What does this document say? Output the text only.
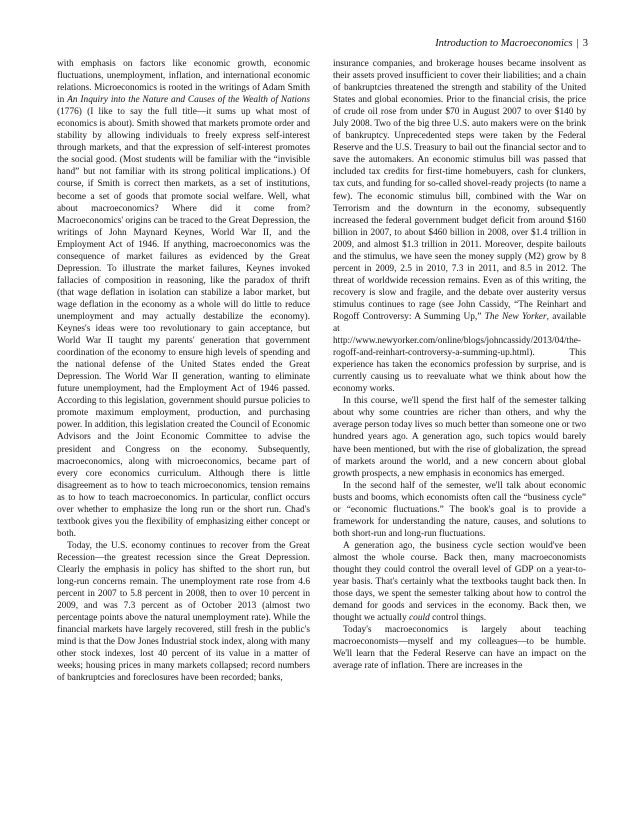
Introduction to Macroeconomics | 3

with emphasis on factors like economic growth, economic fluctuations, unemployment, inflation, and international economic relations. Microeconomics is rooted in the writings of Adam Smith in An Inquiry into the Nature and Causes of the Wealth of Nations (1776) (I like to say the full title—it sums up what most of economics is about). Smith showed that markets promote order and stability by allowing individuals to freely express self-interest through markets, and that the expression of self-interest promotes the social good. (Most students will be familiar with the “invisible hand” but not familiar with its strong political implications.) Of course, if Smith is correct then markets, as a set of institutions, become a set of goods that promote social welfare. Well, what about macroeconomics? Where did it come from? Macroeconomics' origins can be traced to the Great Depression, the writings of John Maynard Keynes, World War II, and the Employment Act of 1946. If anything, macroeconomics was the consequence of market failures as evidenced by the Great Depression. To illustrate the market failures, Keynes invoked fallacies of composition in reasoning, like the paradox of thrift (that wage deflation in isolation can stabilize a labor market, but wage deflation in the economy as a whole will do little to reduce unemployment and may actually destabilize the economy). Keynes's ideas were too revolutionary to gain acceptance, but World War II taught my parents' generation that government coordination of the economy to ensure high levels of spending and the national defense of the United States ended the Great Depression. The World War II generation, wanting to eliminate future unemployment, had the Employment Act of 1946 passed. According to this legislation, government should pursue policies to promote maximum employment, production, and purchasing power. In addition, this legislation created the Council of Economic Advisors and the Joint Economic Committee to advise the president and Congress on the economy. Subsequently, macroeconomics, along with microeconomics, became part of every core economics curriculum. Although there is little disagreement as to how to teach microeconomics, tension remains as to how to teach macroeconomics. In particular, conflict occurs over whether to emphasize the long run or the short run. Chad's textbook gives you the flexibility of emphasizing either concept or both.

Today, the U.S. economy continues to recover from the Great Recession—the greatest recession since the Great Depression. Clearly the emphasis in policy has shifted to the short run, but long-run concerns remain. The unemployment rate rose from 4.6 percent in 2007 to 5.8 percent in 2008, then to over 10 percent in 2009, and was 7.3 percent as of October 2013 (almost two percentage points above the natural unemployment rate). While the financial markets have largely recovered, still fresh in the public's mind is that the Dow Jones Industrial stock index, along with many other stock indexes, lost 40 percent of its value in a matter of weeks; housing prices in many markets collapsed; record numbers of bankruptcies and foreclosures have been recorded; banks,

insurance companies, and brokerage houses became insolvent as their assets proved insufficient to cover their liabilities; and a chain of bankruptcies threatened the strength and stability of the United States and global economies. Prior to the financial crisis, the price of crude oil rose from under $70 in August 2007 to over $140 by July 2008. Two of the big three U.S. auto makers were on the brink of bankruptcy. Unprecedented steps were taken by the Federal Reserve and the U.S. Treasury to bail out the financial sector and to save the automakers. An economic stimulus bill was passed that included tax credits for first-time homebuyers, cash for clunkers, tax cuts, and funding for so-called shovel-ready projects (to name a few). The economic stimulus bill, combined with the War on Terrorism and the downturn in the economy, subsequently increased the federal government budget deficit from around $160 billion in 2007, to about $460 billion in 2008, over $1.4 trillion in 2009, and almost $1.3 trillion in 2011. Moreover, despite bailouts and the stimulus, we have seen the money supply (M2) grow by 8 percent in 2009, 2.5 in 2010, 7.3 in 2011, and 8.5 in 2012. The threat of worldwide recession remains. Even as of this writing, the recovery is slow and fragile, and the debate over austerity versus stimulus continues to rage (see John Cassidy, “The Reinhart and Rogoff Controversy: A Summing Up,” The New Yorker, available at http://www.newyorker.com/online/blogs/johncassidy/2013/04/the-rogoff-and-reinhart-controversy-a-summing-up.html). This experience has taken the economics profession by surprise, and is currently causing us to reevaluate what we think about how the economy works.

In this course, we'll spend the first half of the semester talking about why some countries are richer than others, and why the average person today lives so much better than someone one or two hundred years ago. A generation ago, such topics would barely have been mentioned, but with the rise of globalization, the spread of markets around the world, and a new concern about global growth prospects, a new emphasis in economics has emerged.

In the second half of the semester, we'll talk about economic busts and booms, which economists often call the “business cycle” or “economic fluctuations.” The book's goal is to provide a framework for understanding the nature, causes, and solutions to both short-run and long-run fluctuations.

A generation ago, the business cycle section would've been almost the whole course. Back then, many macroeconomists thought they could control the overall level of GDP on a year-to-year basis. That's certainly what the textbooks taught back then. In those days, we spent the semester talking about how to control the demand for goods and services in the economy. Back then, we thought we actually could control things.

Today's macroeconomics is largely about teaching macroeconomists—myself and my colleagues—to be humble. We'll learn that the Federal Reserve can have an impact on the average rate of inflation. There are increases in the
